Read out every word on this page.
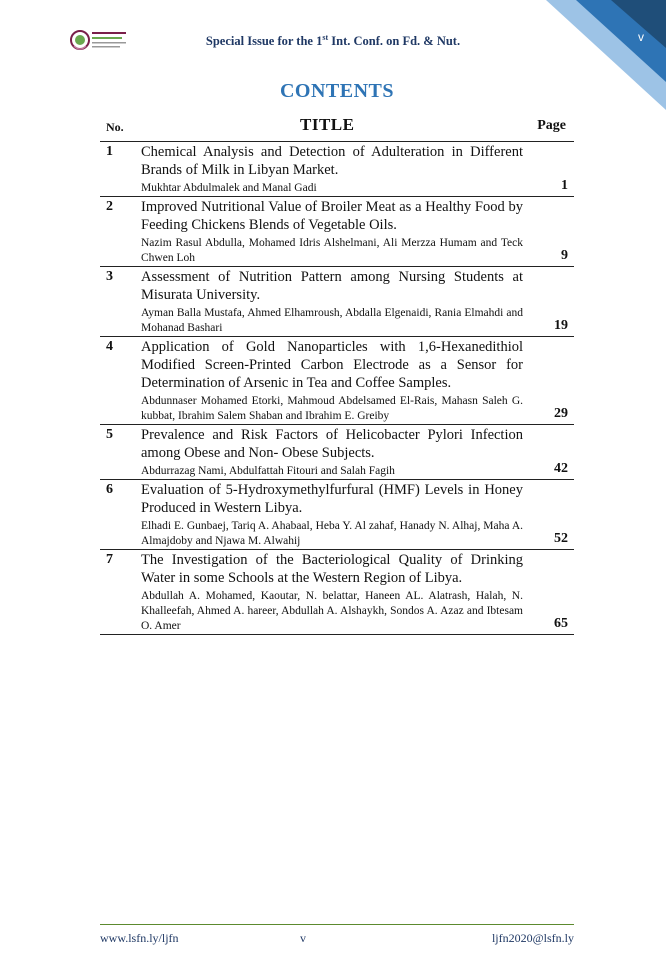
v
Special Issue for the 1st Int. Conf. on Fd. & Nut.
CONTENTS
No.	TITLE	Page
1 Chemical Analysis and Detection of Adulteration in Different Brands of Milk in Libyan Market.
Mukhtar Abdulmalek and Manal Gadi	1
2 Improved Nutritional Value of Broiler Meat as a Healthy Food by Feeding Chickens Blends of Vegetable Oils.
Nazim Rasul Abdulla, Mohamed Idris Alshelmani, Ali Merzza Humam and Teck Chwen Loh	9
3 Assessment of Nutrition Pattern among Nursing Students at Misurata University.
Ayman Balla Mustafa, Ahmed Elhamroush, Abdalla Elgenaidi, Rania Elmahdi and Mohanad Bashari	19
4 Application of Gold Nanoparticles with 1,6-Hexanedithiol Modified Screen-Printed Carbon Electrode as a Sensor for Determination of Arsenic in Tea and Coffee Samples.
Abdunnaser Mohamed Etorki, Mahmoud Abdelsamed El-Rais, Mahasn Saleh G. kubbat, Ibrahim Salem Shaban and Ibrahim E. Greiby	29
5 Prevalence and Risk Factors of Helicobacter Pylori Infection among Obese and Non- Obese Subjects.
Abdurrazag Nami, Abdulfattah Fitouri and Salah Fagih	42
6 Evaluation of 5-Hydroxymethylfurfural (HMF) Levels in Honey Produced in Western Libya.
Elhadi E. Gunbaej, Tariq A. Ahabaal, Heba Y. Al zahaf, Hanady N. Alhaj, Maha A. Almajdoby and Njawa M. Alwahij	52
7 The Investigation of the Bacteriological Quality of Drinking Water in some Schools at the Western Region of Libya.
Abdullah A. Mohamed, Kaoutar, N. belattar, Haneen AL. Alatrash, Halah, N. Khalleefah, Ahmed A. hareer, Abdullah A. Alshaykh, Sondos A. Azaz and Ibtesam O. Amer	65
www.lsfn.ly/ljfn	v	ljfn2020@lsfn.ly
